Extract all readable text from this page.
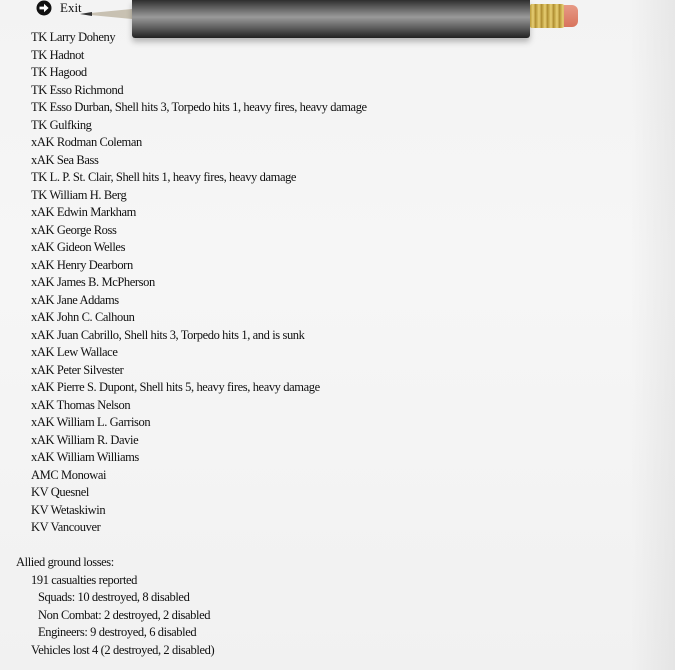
Exit
TK Larry Doheny
TK Hadnot
TK Hagood
TK Esso Richmond
TK Esso Durban, Shell hits 3, Torpedo hits 1, heavy fires, heavy damage
TK Gulfking
xAK Rodman Coleman
xAK Sea Bass
TK L. P. St. Clair, Shell hits 1, heavy fires, heavy damage
TK William H. Berg
xAK Edwin Markham
xAK George Ross
xAK Gideon Welles
xAK Henry Dearborn
xAK James B. McPherson
xAK Jane Addams
xAK John C. Calhoun
xAK Juan Cabrillo, Shell hits 3, Torpedo hits 1, and is sunk
xAK Lew Wallace
xAK Peter Silvester
xAK Pierre S. Dupont, Shell hits 5, heavy fires, heavy damage
xAK Thomas Nelson
xAK William L. Garrison
xAK William R. Davie
xAK William Williams
AMC Monowai
KV Quesnel
KV Wetaskiwin
KV Vancouver
Allied ground losses:
191 casualties reported
Squads: 10 destroyed, 8 disabled
Non Combat: 2 destroyed, 2 disabled
Engineers: 9 destroyed, 6 disabled
Vehicles lost 4 (2 destroyed, 2 disabled)
